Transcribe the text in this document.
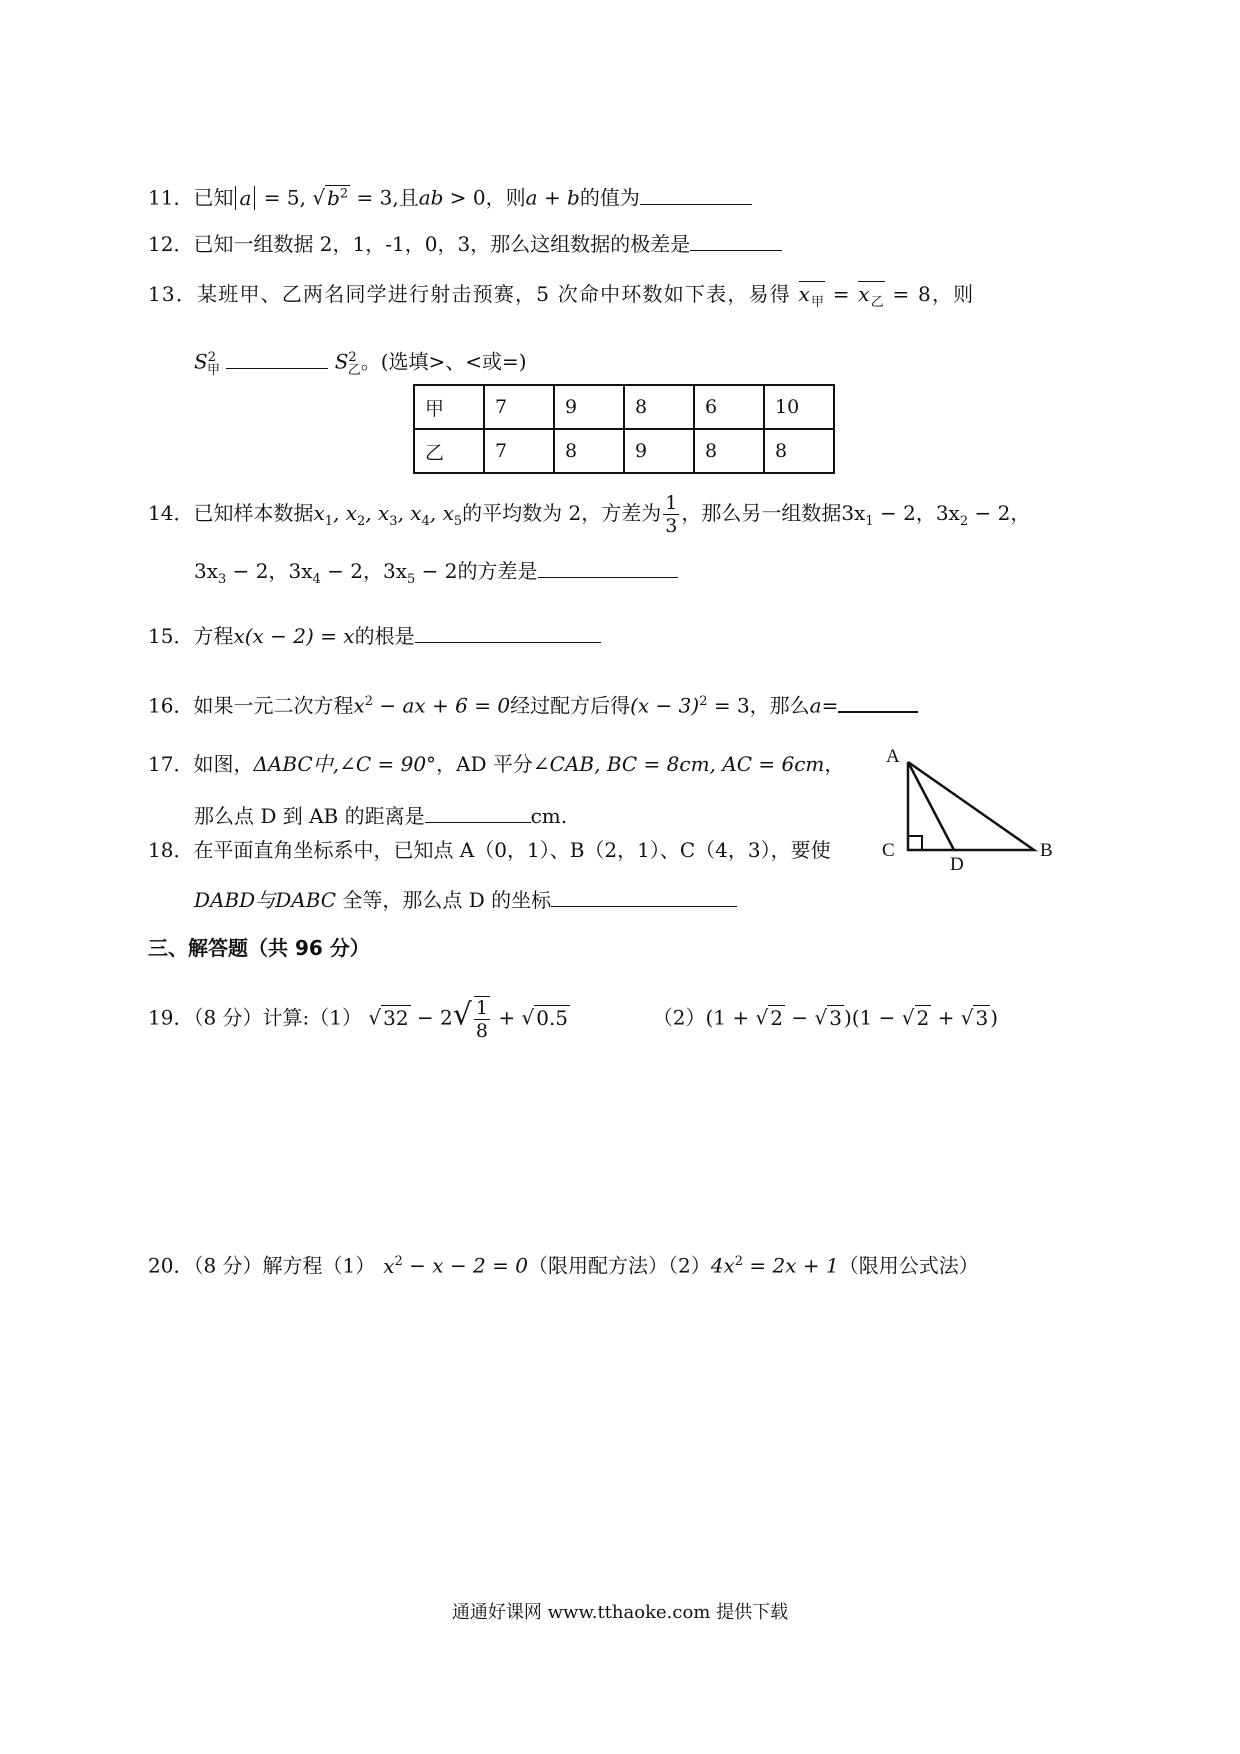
11．已知 a = 5, √ $b^2 = 3$,且ab > 0，则a + b的值为
12．已知一组数据 2，1，-1，0，3，那么这组数据的极差是
13．某班甲、乙两名同学进行射击预赛，5 次命中环数如下表，易得 $x_甲 = x_乙 = 8$，则
$S^2_甲$	$S^2_乙$。(选填>、<或=)
甲	7	9	8	6	10
乙	7	8	9	8	8
14．已知样本数据$x_1$, $x_2$, $x_3$, $x_4$, $x_5$的平均数为 2，方差为 $\frac{1}{3}$ ，那么另一组数据$3x_1 - 2$，$3x_2 - 2$，
$3x_3 - 2$，$3x_4 - 2$，$3x_5 - 2$的方差是
15．方程x(x − 2) = x的根是
16．如果一元二次方程$x^2$ − ax + 6 = 0经过配方后得$(x - 3)^2 = 3$，那么a=
17．如图，ΔABC中,∠C = 90°，AD 平分∠CAB, BC = 8cm, AC = 6cm，
那么点 D 到 AB 的距离是	cm.
A
C
D
B
18．在平面直角坐标系中，已知点 A（0，1）、B（2，1）、C（4，3），要使
DABD与DABC 全等，那么点 D 的坐标
三、解答题（共 96 分）
19．（8 分）计算:（1） √ $32 - 2√ \frac{1}{8}$ + √ 0.5	（2）(1 + √ 2 − √ 3 )(1 − √ 2 + √ 3 )
20．（8 分）解方程（1） $x^2 - x - 2 = 0$（限用配方法）$(2)4x^2 = 2x + 1$（限用公式法）
通通好课网 www.tthaoke.com 提供下载
